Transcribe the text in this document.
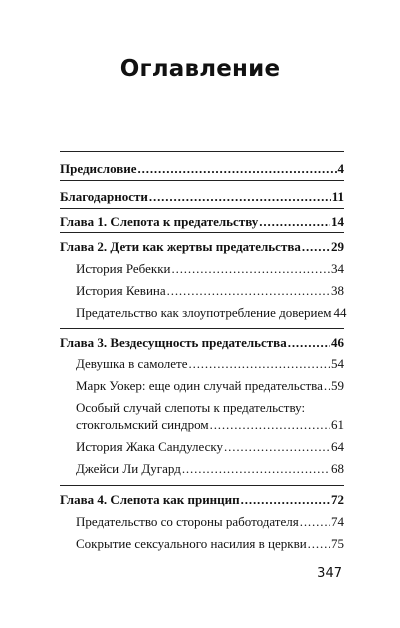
Оглавление
Предисловие . . .	4
Благодарности . . .	11
Глава 1. Слепота к предательству . . .	14
Глава 2. Дети как жертвы предательства . . . 29
История Ребекки . . .	34
История Кевина . . .	38
Предательство как злоупотребление доверием 44
Глава 3. Вездесущность предательства . . .	46
Девушка в самолете . . .	54
Марк Уокер: еще один случай предательства . . . 59
Особый случай слепоты к предательству:
стокгольмский синдром . . .	61
История Жака Сандулеску . . .	64
Джейси Ли Дугард . . .	68
Глава 4. Слепота как принцип . . .	72
Предательство со стороны работодателя . . . 74
Сокрытие сексуального насилия в церкви . . . 75
347
